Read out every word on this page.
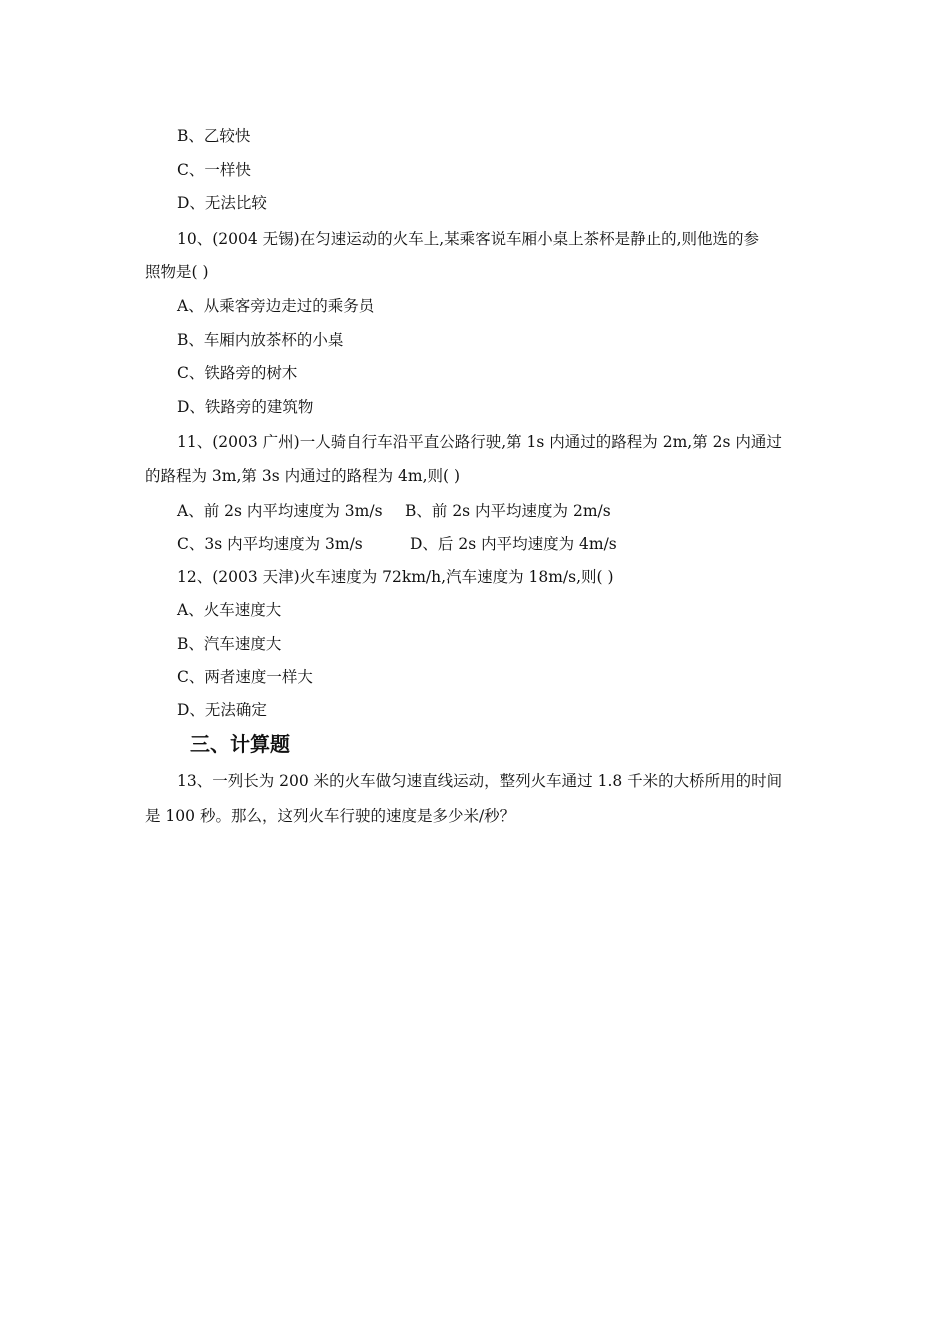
B、乙较快
C、一样快
D、无法比较
10、(2004 无锡)在匀速运动的火车上,某乘客说车厢小桌上茶杯是静止的,则他选的参
照物是( )
A、从乘客旁边走过的乘务员
B、车厢内放茶杯的小桌
C、铁路旁的树木
D、铁路旁的建筑物
11、(2003 广州)一人骑自行车沿平直公路行驶,第 1s 内通过的路程为 2m,第 2s 内通过
的路程为 3m,第 3s 内通过的路程为 4m,则( )
A、前 2s 内平均速度为 3m/s B、前 2s 内平均速度为 2m/s
C、3s 内平均速度为 3m/s	D、后 2s 内平均速度为 4m/s
12、(2003 天津)火车速度为 72km/h,汽车速度为 18m/s,则( )
A、火车速度大
B、汽车速度大
C、两者速度一样大
D、无法确定
三、计算题
13、一列长为 200 米的火车做匀速直线运动，整列火车通过 1.8 千米的大桥所用的时间
是 100 秒。那么，这列火车行驶的速度是多少米/秒？
